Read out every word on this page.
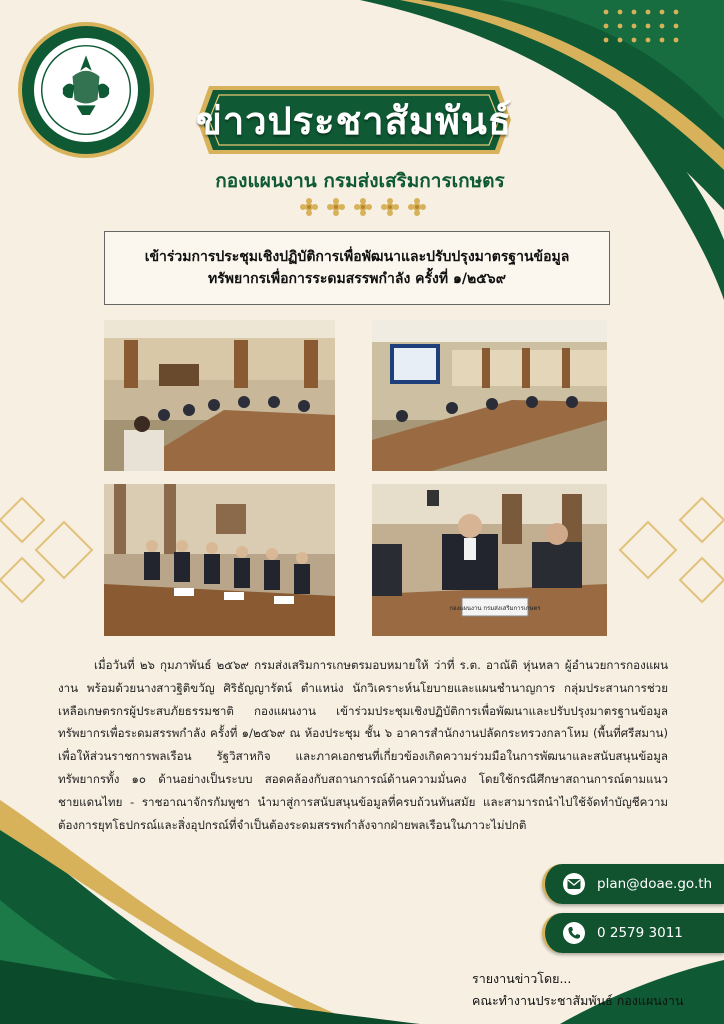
ข่าวประชาสัมพันธ์
กองแผนงาน กรมส่งเสริมการเกษตร
เข้าร่วมการประชุมเชิงปฏิบัติการเพื่อพัฒนาและปรับปรุงมาตรฐานข้อมูล
ทรัพยากรเพื่อการระดมสรรพกำลัง ครั้งที่ ๑/๒๕๖๙
กองแผนงาน กรมส่งเสริมการเกษตร
เมื่อวันที่ ๒๖ กุมภาพันธ์ ๒๕๖๙ กรมส่งเสริมการเกษตรมอบหมายให้ ว่าที่ ร.ต. อาณัติ หุ่นหลา ผู้อำนวยการกองแผนงาน พร้อมด้วยนางสาวฐิติขวัญ ศิริธัญญารัตน์ ตำแหน่ง นักวิเคราะห์นโยบายและแผนชำนาญการ กลุ่มประสานการช่วยเหลือเกษตรกรผู้ประสบภัยธรรมชาติ กองแผนงาน เข้าร่วมประชุมเชิงปฏิบัติการเพื่อพัฒนาและปรับปรุงมาตรฐานข้อมูลทรัพยากรเพื่อระดมสรรพกำลัง ครั้งที่ ๑/๒๕๖๙ ณ ห้องประชุม ชั้น ๖ อาคารสำนักงานปลัดกระทรวงกลาโหม (พื้นที่ศรีสมาน) เพื่อให้ส่วนราชการพลเรือน รัฐวิสาหกิจ และภาคเอกชนที่เกี่ยวข้องเกิดความร่วมมือในการพัฒนาและสนับสนุนข้อมูลทรัพยากรทั้ง ๑๐ ด้านอย่างเป็นระบบ สอดคล้องกับสถานการณ์ด้านความมั่นคง โดยใช้กรณีศึกษาสถานการณ์ตามแนวชายแดนไทย - ราชอาณาจักรกัมพูชา นำมาสู่การสนับสนุนข้อมูลที่ครบถ้วนทันสมัย และสามารถนำไปใช้จัดทำบัญชีความต้องการยุทโธปกรณ์และสิ่งอุปกรณ์ที่จำเป็นต้องระดมสรรพกำลังจากฝ่ายพลเรือนในภาวะไม่ปกติ
plan@doae.go.th
0 2579 3011
รายงานข่าวโดย...
คณะทำงานประชาสัมพันธ์ กองแผนงาน
